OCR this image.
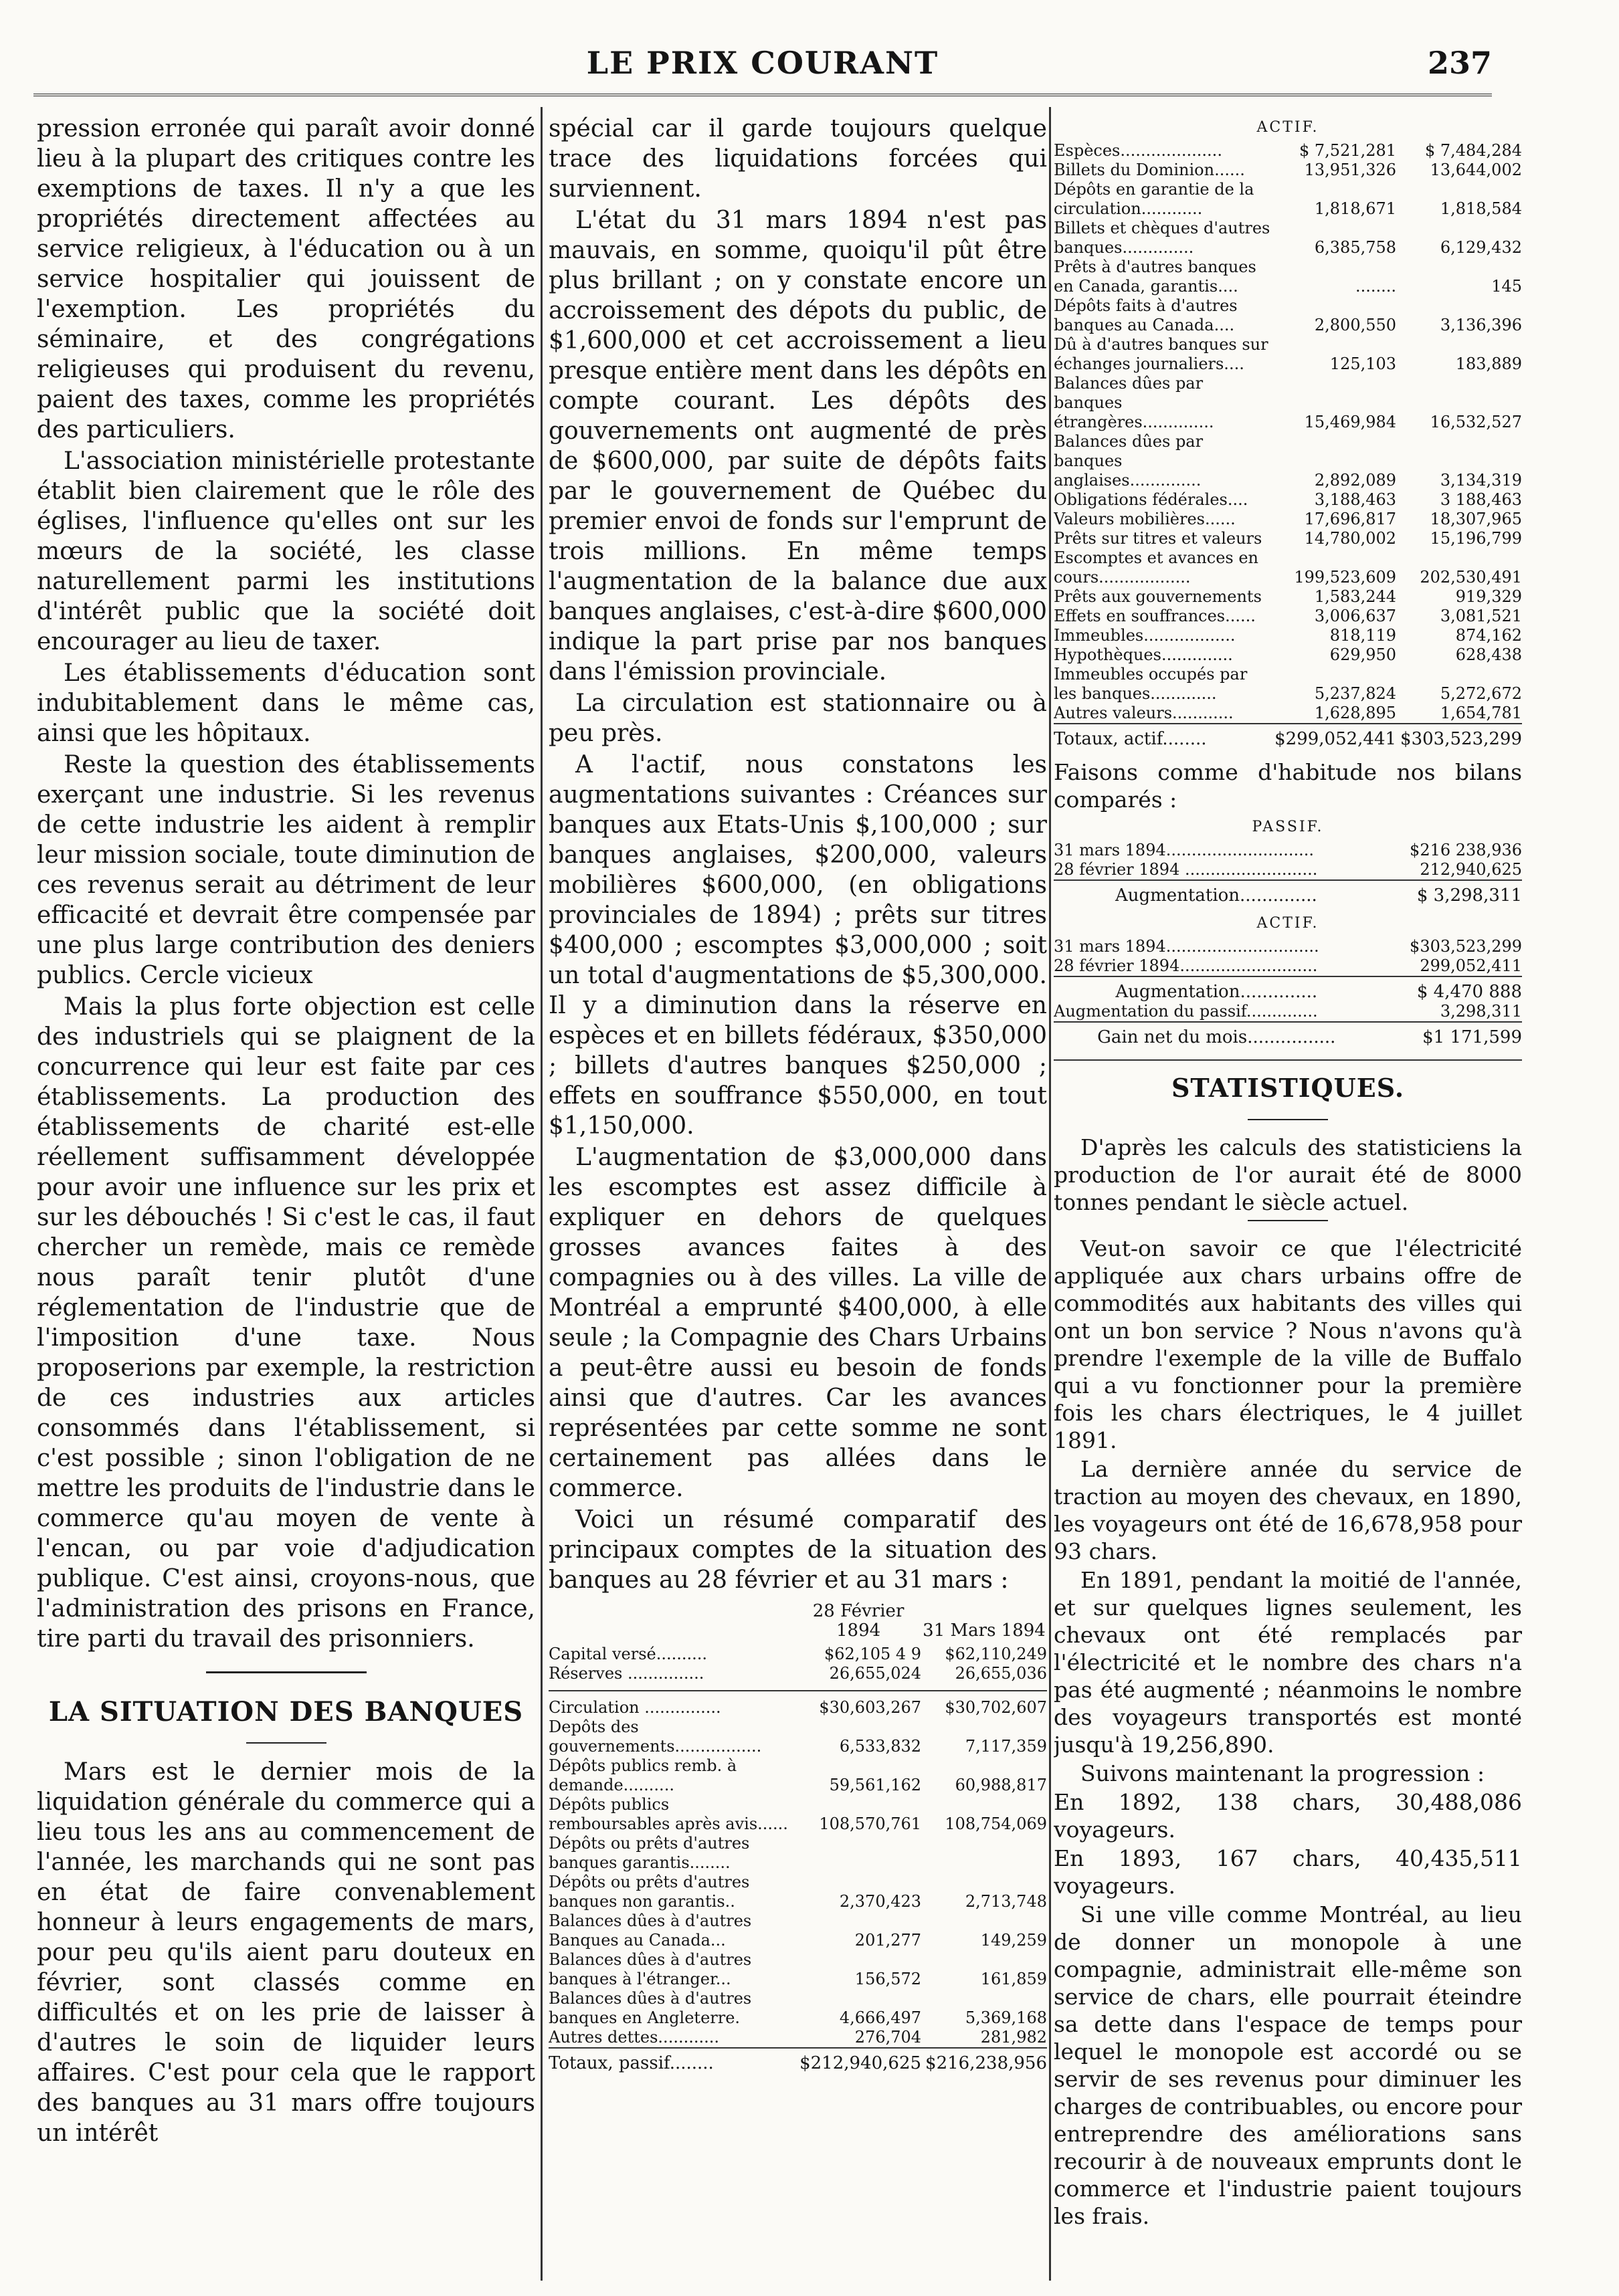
LE PRIX COURANT	237

pression erronée qui paraît avoir donné lieu à la plupart des critiques contre les exemptions de taxes. Il n'y a que les propriétés directement affectées au service religieux, à l'éducation ou à un service hospitalier qui jouissent de l'exemption. Les propriétés du séminaire, et des congrégations religieuses qui produisent du revenu, paient des taxes, comme les propriétés des particuliers.

L'association ministérielle protestante établit bien clairement que le rôle des églises, l'influence qu'elles ont sur les mœurs de la société, les classe naturellement parmi les institutions d'intérêt public que la société doit encourager au lieu de taxer.

Les établissements d'éducation sont indubitablement dans le même cas, ainsi que les hôpitaux.

Reste la question des établissements exerçant une industrie. Si les revenus de cette industrie les aident à remplir leur mission sociale, toute diminution de ces revenus serait au détriment de leur efficacité et devrait être compensée par une plus large contribution des deniers publics. Cercle vicieux

Mais la plus forte objection est celle des industriels qui se plaignent de la concurrence qui leur est faite par ces établissements. La production des établissements de charité est-elle réellement suffisamment développée pour avoir une influence sur les prix et sur les débouchés ! Si c'est le cas, il faut chercher un remède, mais ce remède nous paraît tenir plutôt d'une réglementation de l'industrie que de l'imposition d'une taxe. Nous proposerions par exemple, la restriction de ces industries aux articles consommés dans l'établissement, si c'est possible ; sinon l'obligation de ne mettre les produits de l'industrie dans le commerce qu'au moyen de vente à l'encan, ou par voie d'adjudication publique. C'est ainsi, croyons-nous, que l'administration des prisons en France, tire parti du travail des prisonniers.

LA SITUATION DES BANQUES

Mars est le dernier mois de la liquidation générale du commerce qui a lieu tous les ans au commencement de l'année, les marchands qui ne sont pas en état de faire convenablement honneur à leurs engagements de mars, pour peu qu'ils aient paru douteux en février, sont classés comme en difficultés et on les prie de laisser à d'autres le soin de liquider leurs affaires. C'est pour cela que le rapport des banques au 31 mars offre toujours un intérêt

spécial car il garde toujours quelque trace des liquidations forcées qui surviennent.

L'état du 31 mars 1894 n'est pas mauvais, en somme, quoiqu'il pût être plus brillant ; on y constate encore un accroissement des dépots du public, de $1,600,000 et cet accroissement a lieu presque entière ment dans les dépôts en compte courant. Les dépôts des gouvernements ont augmenté de près de $600,000, par suite de dépôts faits par le gouvernement de Québec du premier envoi de fonds sur l'emprunt de trois millions. En même temps l'augmentation de la balance due aux banques anglaises, c'est-à-dire $600,000 indique la part prise par nos banques dans l'émission provinciale.

La circulation est stationnaire ou à peu près.

A l'actif, nous constatons les augmentations suivantes : Créances sur banques aux Etats-Unis $,100,000 ; sur banques anglaises, $200,000, valeurs mobilières $600,000, (en obligations provinciales de 1894) ; prêts sur titres $400,000 ; escomptes $3,000,000 ; soit un total d'augmentations de $5,300,000. Il y a diminution dans la réserve en espèces et en billets fédéraux, $350,000 ; billets d'autres banques $250,000 ; effets en souffrance $550,000, en tout $1,150,000.

L'augmentation de $3,000,000 dans les escomptes est assez difficile à expliquer en dehors de quelques grosses avances faites à des compagnies ou à des villes. La ville de Montréal a emprunté $400,000, à elle seule ; la Compagnie des Chars Urbains a peut-être aussi eu besoin de fonds ainsi que d'autres. Car les avances représentées par cette somme ne sont certainement pas allées dans le commerce.

Voici un résumé comparatif des principaux comptes de la situation des banques au 28 février et au 31 mars :

	28 Février 1894	31 Mars 1894
Capital versé..........	$62,105 4 9	$62,110,249
Réserves ...............	26,655,024	26,655,036

Circulation ...............	$30,603,267	$30,702,607
Depôts des gouvernements.................	6,533,832	7,117,359
Dépôts publics remb. à demande..........	59,561,162	60,988,817
Dépôts publics remboursables après avis......	108,570,761	108,754,069
Dépôts ou prêts d'autres banques garantis........		
Dépôts ou prêts d'autres banques non garantis..	2,370,423	2,713,748
Balances dûes à d'autres Banques au Canada...	201,277	149,259
Balances dûes à d'autres banques à l'étranger...	156,572	161,859
Balances dûes à d'autres banques en Angleterre.	4,666,497	5,369,168
Autres dettes............	276,704	281,982
Totaux, passif........	$212,940,625	$216,238,956
ACTIF.
Espèces....................	$ 7,521,281	$ 7,484,284
Billets du Dominion......	13,951,326	13,644,002
Dépôts en garantie de la circulation............	1,818,671	1,818,584
Billets et chèques d'autres banques..............	6,385,758	6,129,432
Prêts à d'autres banques en Canada, garantis....	........	145
Dépôts faits à d'autres banques au Canada....	2,800,550	3,136,396
Dû à d'autres banques sur échanges journaliers....	125,103	183,889
Balances dûes par banques étrangères..............	15,469,984	16,532,527
Balances dûes par banques anglaises..............	2,892,089	3,134,319
Obligations fédérales....	3,188,463	3 188,463
Valeurs mobilières......	17,696,817	18,307,965
Prêts sur titres et valeurs	14,780,002	15,196,799
Escomptes et avances en cours..................	199,523,609	202,530,491
Prêts aux gouvernements	1,583,244	919,329
Effets en souffrances......	3,006,637	3,081,521
Immeubles..................	818,119	874,162
Hypothèques..............	629,950	628,438
Immeubles occupés par les banques.............	5,237,824	5,272,672
Autres valeurs............	1,628,895	1,654,781
Totaux, actif........	$299,052,441	$303,523,299

Faisons comme d'habitude nos bilans comparés :

PASSIF.
31 mars 1894.............................	$216 238,936
28 février 1894 ..........................	212,940,625
Augmentation..............	$ 3,298,311
ACTIF.
31 mars 1894..............................	$303,523,299
28 février 1894...........................	299,052,411
Augmentation..............	$ 4,470 888
Augmentation du passif..............	3,298,311
Gain net du mois................	$1 171,599
STATISTIQUES.

D'après les calculs des statisticiens la production de l'or aurait été de 8000 tonnes pendant le siècle actuel.

Veut-on savoir ce que l'électricité appliquée aux chars urbains offre de commodités aux habitants des villes qui ont un bon service ? Nous n'avons qu'à prendre l'exemple de la ville de Buffalo qui a vu fonctionner pour la première fois les chars électriques, le 4 juillet 1891.

La dernière année du service de traction au moyen des chevaux, en 1890, les voyageurs ont été de 16,678,958 pour 93 chars.

En 1891, pendant la moitié de l'année, et sur quelques lignes seulement, les chevaux ont été remplacés par l'électricité et le nombre des chars n'a pas été augmenté ; néanmoins le nombre des voyageurs transportés est monté jusqu'à 19,256,890.

Suivons maintenant la progression :

En 1892, 138 chars, 30,488,086 voyageurs.

En 1893, 167 chars, 40,435,511 voyageurs.

Si une ville comme Montréal, au lieu de donner un monopole à une compagnie, administrait elle-même son service de chars, elle pourrait éteindre sa dette dans l'espace de temps pour lequel le monopole est accordé ou se servir de ses revenus pour diminuer les charges de contribuables, ou encore pour entreprendre des améliorations sans recourir à de nouveaux emprunts dont le commerce et l'industrie paient toujours les frais.
